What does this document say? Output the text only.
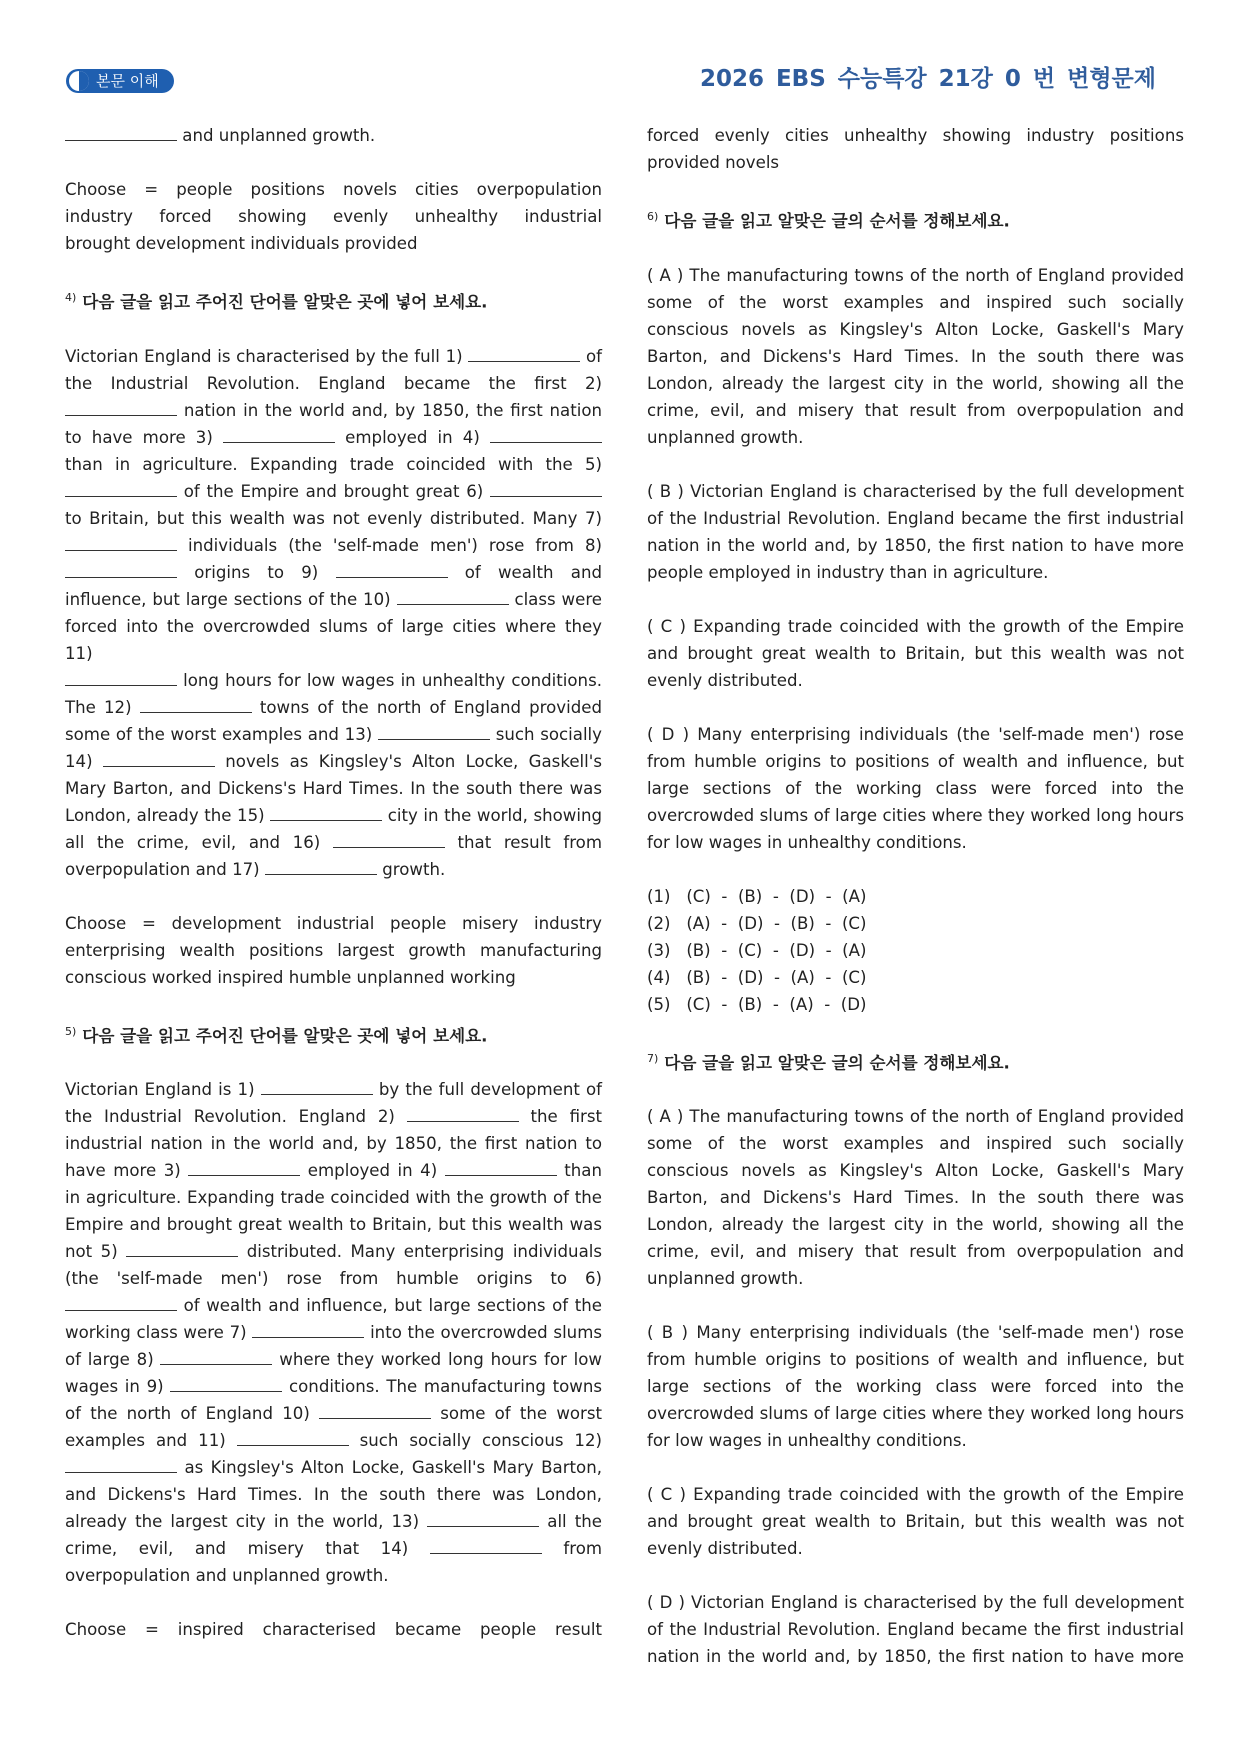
본문 이해	2026 EBS 수능특강 21강 0 번 변형문제

and unplanned growth.

Choose = people positions novels cities overpopulation

industry forced showing evenly unhealthy industrial

brought development individuals provided

$^{4)}$ 다음 글을 읽고 주어진 단어를 알맞은 곳에 넣어 보세요.

Victorian England is characterised by the full 1)	of

the Industrial Revolution. England became the first 2)

nation in the world and, by 1850, the first nation

to have more 3)	employed in 4)

than in agriculture. Expanding trade coincided with the 5)

of the Empire and brought great 6)

to Britain, but this wealth was not evenly distributed. Many 7)

individuals (the 'self-made men') rose from 8)

origins to 9)	of wealth and

influence, but large sections of the 10)	class were

forced into the overcrowded slums of large cities where they 11)

long hours for low wages in unhealthy conditions.

The 12)	towns of the north of England provided

some of the worst examples and 13)	such socially

14)	novels as Kingsley's Alton Locke, Gaskell's

Mary Barton, and Dickens's Hard Times. In the south there was

London, already the 15)	city in the world, showing

all the crime, evil, and 16)	that result from

overpopulation and 17)	growth.

Choose = development industrial people misery industry

enterprising wealth positions largest growth manufacturing

conscious worked inspired humble unplanned working

$^{5)}$ 다음 글을 읽고 주어진 단어를 알맞은 곳에 넣어 보세요.

Victorian England is 1)	by the full development of

the Industrial Revolution. England 2)	the first

industrial nation in the world and, by 1850, the first nation to

have more 3)	employed in 4)	than

in agriculture. Expanding trade coincided with the growth of the

Empire and brought great wealth to Britain, but this wealth was

not 5)	distributed. Many enterprising individuals

(the 'self-made men') rose from humble origins to 6)

of wealth and influence, but large sections of the

working class were 7)	into the overcrowded slums

of large 8)	where they worked long hours for low

wages in 9)	conditions. The manufacturing towns

of the north of England 10)	some of the worst

examples and 11)	such socially conscious 12)

as Kingsley's Alton Locke, Gaskell's Mary Barton,

and Dickens's Hard Times. In the south there was London,

already the largest city in the world, 13)	all the

crime, evil, and misery that 14)	from

overpopulation and unplanned growth.

Choose = inspired characterised became people result

forced evenly cities unhealthy showing industry positions

provided novels

$^{6)}$ 다음 글을 읽고 알맞은 글의 순서를 정해보세요.

( A ) The manufacturing towns of the north of England provided some of the worst examples and inspired such socially conscious novels as Kingsley's Alton Locke, Gaskell's Mary Barton, and Dickens's Hard Times. In the south there was London, already the largest city in the world, showing all the crime, evil, and misery that result from overpopulation and unplanned growth.

( B ) Victorian England is characterised by the full development of the Industrial Revolution. England became the first industrial nation in the world and, by 1850, the first nation to have more people employed in industry than in agriculture.

( C ) Expanding trade coincided with the growth of the Empire and brought great wealth to Britain, but this wealth was not evenly distributed.

( D ) Many enterprising individuals (the 'self-made men') rose from humble origins to positions of wealth and influence, but large sections of the working class were forced into the overcrowded slums of large cities where they worked long hours for low wages in unhealthy conditions.

(1)   (C)  -  (B)  -  (D)  -  (A)

(2)   (A)  -  (D)  -  (B)  -  (C)

(3)   (B)  -  (C)  -  (D)  -  (A)

(4)   (B)  -  (D)  -  (A)  -  (C)

(5)   (C)  -  (B)  -  (A)  -  (D)

$^{7)}$ 다음 글을 읽고 알맞은 글의 순서를 정해보세요.

( A ) The manufacturing towns of the north of England provided some of the worst examples and inspired such socially conscious novels as Kingsley's Alton Locke, Gaskell's Mary Barton, and Dickens's Hard Times. In the south there was London, already the largest city in the world, showing all the crime, evil, and misery that result from overpopulation and unplanned growth.

( B ) Many enterprising individuals (the 'self-made men') rose from humble origins to positions of wealth and influence, but large sections of the working class were forced into the overcrowded slums of large cities where they worked long hours for low wages in unhealthy conditions.

( C ) Expanding trade coincided with the growth of the Empire and brought great wealth to Britain, but this wealth was not evenly distributed.

( D ) Victorian England is characterised by the full development of the Industrial Revolution. England became the first industrial nation in the world and, by 1850, the first nation to have more
